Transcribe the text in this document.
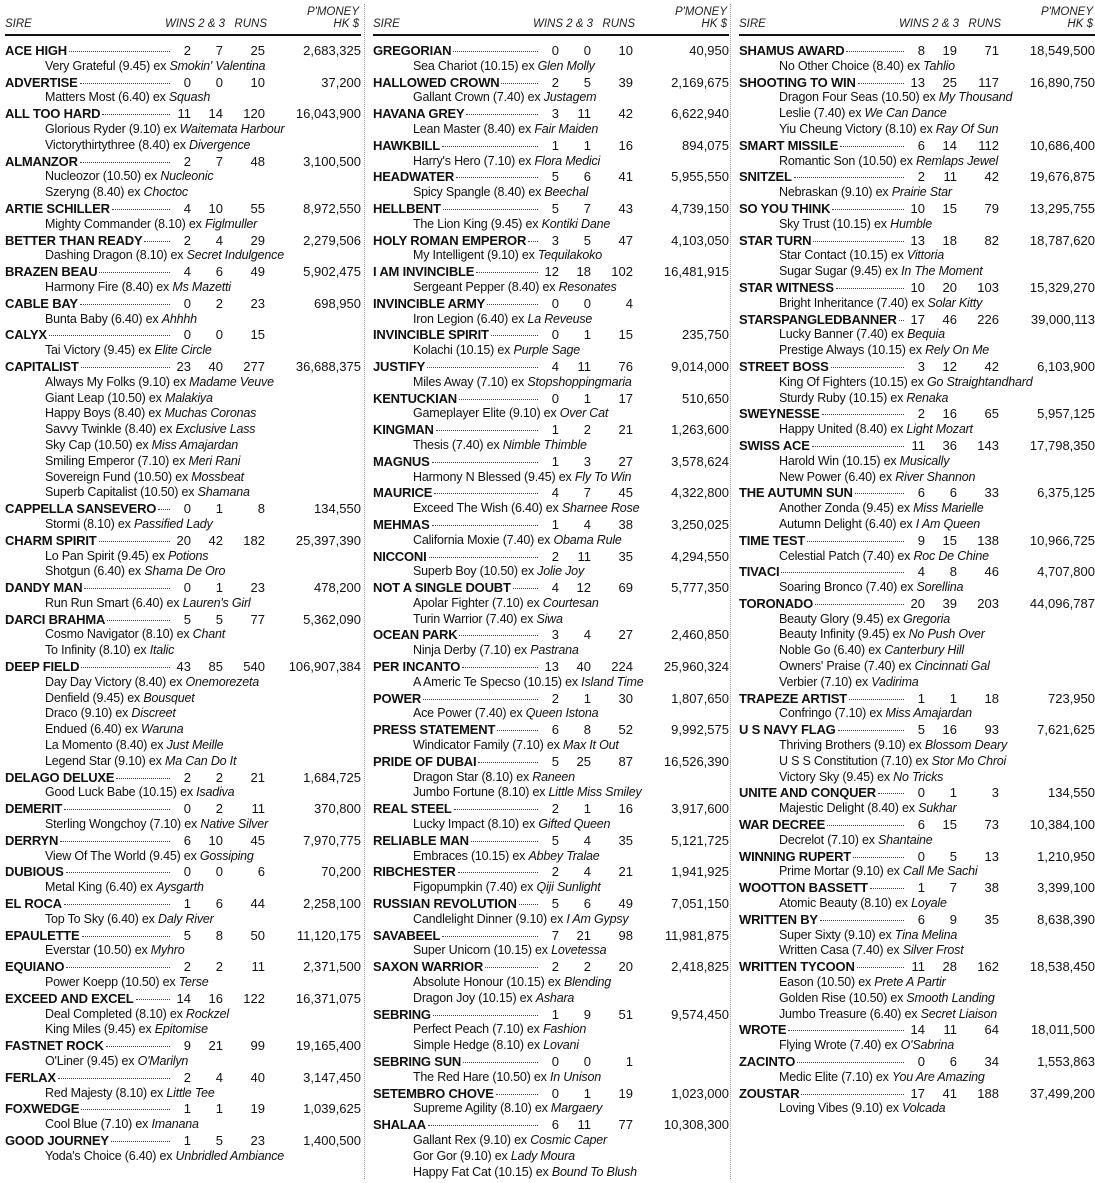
SIRE	WINS 2 & 3 RUNS
P'MONEY
HK $
ACE HIGH	2	7	25	2,683,325
Very Grateful (9.45) ex Smokin' Valentina
ADVERTISE	0	0	10	37,200
Matters Most (6.40) ex Squash
ALL TOO HARD	11	14	120	16,043,900
Glorious Ryder (9.10) ex Waitemata Harbour
Victorythirtythree (8.40) ex Divergence
ALMANZOR	2	7	48	3,100,500
Nucleozor (10.50) ex Nucleonic
Szeryng (8.40) ex Choctoc
ARTIE SCHILLER	4	10	55	8,972,550
Mighty Commander (8.10) ex Figlmuller
BETTER THAN READY	2	4	29	2,279,506
Dashing Dragon (8.10) ex Secret Indulgence
BRAZEN BEAU	4	6	49	5,902,475
Harmony Fire (8.40) ex Ms Mazetti
CABLE BAY	0	2	23	698,950
Bunta Baby (6.40) ex Ahhhh
CALYX	0	0	15
Tai Victory (9.45) ex Elite Circle
CAPITALIST	23	40	277	36,688,375
Always My Folks (9.10) ex Madame Veuve
Giant Leap (10.50) ex Malakiya
Happy Boys (8.40) ex Muchas Coronas
Savvy Twinkle (8.40) ex Exclusive Lass
Sky Cap (10.50) ex Miss Amajardan
Smiling Emperor (7.10) ex Meri Rani
Sovereign Fund (10.50) ex Mossbeat
Superb Capitalist (10.50) ex Shamana
CAPPELLA SANSEVERO	0	1	8	134,550
Stormi (8.10) ex Passified Lady
CHARM SPIRIT	20	42	182	25,397,390
Lo Pan Spirit (9.45) ex Potions
Shotgun (6.40) ex Shama De Oro
DANDY MAN	0	1	23	478,200
Run Run Smart (6.40) ex Lauren's Girl
DARCI BRAHMA	5	5	77	5,362,090
Cosmo Navigator (8.10) ex Chant
To Infinity (8.10) ex Italic
DEEP FIELD	43	85	540	106,907,384
Day Day Victory (8.40) ex Onemorezeta
Denfield (9.45) ex Bousquet
Draco (9.10) ex Discreet
Endued (6.40) ex Waruna
La Momento (8.40) ex Just Meille
Legend Star (9.10) ex Ma Can Do It
DELAGO DELUXE	2	2	21	1,684,725
Good Luck Babe (10.15) ex Isadiva
DEMERIT	0	2	11	370,800
Sterling Wongchoy (7.10) ex Native Silver
DERRYN	6	10	45	7,970,775
View Of The World (9.45) ex Gossiping
DUBIOUS	0	0	6	70,200
Metal King (6.40) ex Aysgarth
EL ROCA	1	6	44	2,258,100
Top To Sky (6.40) ex Daly River
EPAULETTE	5	8	50	11,120,175
Everstar (10.50) ex Myhro
EQUIANO	2	2	11	2,371,500
Power Koepp (10.50) ex Terse
EXCEED AND EXCEL	14	16	122	16,371,075
Deal Completed (8.10) ex Rockzel
King Miles (9.45) ex Epitomise
FASTNET ROCK	9	21	99	19,165,400
O'Liner (9.45) ex O'Marilyn
FERLAX	2	4	40	3,147,450
Red Majesty (8.10) ex Little Tee
FOXWEDGE	1	1	19	1,039,625
Cool Blue (7.10) ex Imanana
GOOD JOURNEY	1	5	23	1,400,500
Yoda's Choice (6.40) ex Unbridled Ambiance
SIRE	WINS 2 & 3 RUNS
P'MONEY
HK $
GREGORIAN	0	0	10	40,950
Sea Chariot (10.15) ex Glen Molly
HALLOWED CROWN	2	5	39	2,169,675
Gallant Crown (7.40) ex Justagem
HAVANA GREY	3	11	42	6,622,940
Lean Master (8.40) ex Fair Maiden
HAWKBILL	1	1	16	894,075
Harry's Hero (7.10) ex Flora Medici
HEADWATER	5	6	41	5,955,550
Spicy Spangle (8.40) ex Beechal
HELLBENT	5	7	43	4,739,150
The Lion King (9.45) ex Kontiki Dane
HOLY ROMAN EMPEROR	3	5	47	4,103,050
My Intelligent (9.10) ex Tequilakoko
I AM INVINCIBLE	12	18	102	16,481,915
Sergeant Pepper (8.40) ex Resonates
INVINCIBLE ARMY	0	0	4
Iron Legion (6.40) ex La Reveuse
INVINCIBLE SPIRIT	0	1	15	235,750
Kolachi (10.15) ex Purple Sage
JUSTIFY	4	11	76	9,014,000
Miles Away (7.10) ex Stopshoppingmaria
KENTUCKIAN	0	1	17	510,650
Gameplayer Elite (9.10) ex Over Cat
KINGMAN	1	2	21	1,263,600
Thesis (7.40) ex Nimble Thimble
MAGNUS	1	3	27	3,578,624
Harmony N Blessed (9.45) ex Fly To Win
MAURICE	4	7	45	4,322,800
Exceed The Wish (6.40) ex Sharnee Rose
MEHMAS	1	4	38	3,250,025
California Moxie (7.40) ex Obama Rule
NICCONI	2	11	35	4,294,550
Superb Boy (10.50) ex Jolie Joy
NOT A SINGLE DOUBT	4	12	69	5,777,350
Apolar Fighter (7.10) ex Courtesan
Turin Warrior (7.40) ex Siwa
OCEAN PARK	3	4	27	2,460,850
Ninja Derby (7.10) ex Pastrana
PER INCANTO	13	40	224	25,960,324
A Americ Te Specso (10.15) ex Island Time
POWER	2	1	30	1,807,650
Ace Power (7.40) ex Queen Istona
PRESS STATEMENT	6	8	52	9,992,575
Windicator Family (7.10) ex Max It Out
PRIDE OF DUBAI	5	25	87	16,526,390
Dragon Star (8.10) ex Raneen
Jumbo Fortune (8.10) ex Little Miss Smiley
REAL STEEL	2	1	16	3,917,600
Lucky Impact (8.10) ex Gifted Queen
RELIABLE MAN	5	4	35	5,121,725
Embraces (10.15) ex Abbey Tralae
RIBCHESTER	2	4	21	1,941,925
Figopumpkin (7.40) ex Qiji Sunlight
RUSSIAN REVOLUTION	5	6	49	7,051,150
Candlelight Dinner (9.10) ex I Am Gypsy
SAVABEEL	7	21	98	11,981,875
Super Unicorn (10.15) ex Lovetessa
SAXON WARRIOR	2	2	20	2,418,825
Absolute Honour (10.15) ex Blending
Dragon Joy (10.15) ex Ashara
SEBRING	1	9	51	9,574,450
Perfect Peach (7.10) ex Fashion
Simple Hedge (8.10) ex Lovani
SEBRING SUN	0	0	1
The Red Hare (10.50) ex In Unison
SETEMBRO CHOVE	0	1	19	1,023,000
Supreme Agility (8.10) ex Margaery
SHALAA	6	11	77	10,308,300
Gallant Rex (9.10) ex Cosmic Caper
Gor Gor (9.10) ex Lady Moura
Happy Fat Cat (10.15) ex Bound To Blush
SIRE	WINS 2 & 3 RUNS
P'MONEY
HK $
SHAMUS AWARD	8	19	71	18,549,500
No Other Choice (8.40) ex Tahlio
SHOOTING TO WIN	13	25	117	16,890,750
Dragon Four Seas (10.50) ex My Thousand
Leslie (7.40) ex We Can Dance
Yiu Cheung Victory (8.10) ex Ray Of Sun
SMART MISSILE	6	14	112	10,686,400
Romantic Son (10.50) ex Remlaps Jewel
SNITZEL	2	11	42	19,676,875
Nebraskan (9.10) ex Prairie Star
SO YOU THINK	10	15	79	13,295,755
Sky Trust (10.15) ex Humble
STAR TURN	13	18	82	18,787,620
Star Contact (10.15) ex Vittoria
Sugar Sugar (9.45) ex In The Moment
STAR WITNESS	10	20	103	15,329,270
Bright Inheritance (7.40) ex Solar Kitty
STARSPANGLEDBANNER	17	46	226	39,000,113
Lucky Banner (7.40) ex Bequia
Prestige Always (10.15) ex Rely On Me
STREET BOSS	3	12	42	6,103,900
King Of Fighters (10.15) ex Go Straightandhard
Sturdy Ruby (10.15) ex Renaka
SWEYNESSE	2	16	65	5,957,125
Happy United (8.40) ex Light Mozart
SWISS ACE	11	36	143	17,798,350
Harold Win (10.15) ex Musically
New Power (6.40) ex River Shannon
THE AUTUMN SUN	6	6	33	6,375,125
Another Zonda (9.45) ex Miss Marielle
Autumn Delight (6.40) ex I Am Queen
TIME TEST	9	15	138	10,966,725
Celestial Patch (7.40) ex Roc De Chine
TIVACI	4	8	46	4,707,800
Soaring Bronco (7.40) ex Sorellina
TORONADO	20	39	203	44,096,787
Beauty Glory (9.45) ex Gregoria
Beauty Infinity (9.45) ex No Push Over
Noble Go (6.40) ex Canterbury Hill
Owners' Praise (7.40) ex Cincinnati Gal
Verbier (7.10) ex Vadirima
TRAPEZE ARTIST	1	1	18	723,950
Confringo (7.10) ex Miss Amajardan
U S NAVY FLAG	5	16	93	7,621,625
Thriving Brothers (9.10) ex Blossom Deary
U S S Constitution (7.10) ex Stor Mo Chroi
Victory Sky (9.45) ex No Tricks
UNITE AND CONQUER	0	1	3	134,550
Majestic Delight (8.40) ex Sukhar
WAR DECREE	6	15	73	10,384,100
Decrelot (7.10) ex Shantaine
WINNING RUPERT	0	5	13	1,210,950
Prime Mortar (9.10) ex Call Me Sachi
WOOTTON BASSETT	1	7	38	3,399,100
Atomic Beauty (8.10) ex Loyale
WRITTEN BY	6	9	35	8,638,390
Super Sixty (9.10) ex Tina Melina
Written Casa (7.40) ex Silver Frost
WRITTEN TYCOON	11	28	162	18,538,450
Eason (10.50) ex Prete A Partir
Golden Rise (10.50) ex Smooth Landing
Jumbo Treasure (6.40) ex Secret Liaison
WROTE	14	11	64	18,011,500
Flying Wrote (7.40) ex O'Sabrina
ZACINTO	0	6	34	1,553,863
Medic Elite (7.10) ex You Are Amazing
ZOUSTAR	17	41	188	37,499,200
Loving Vibes (9.10) ex Volcada
